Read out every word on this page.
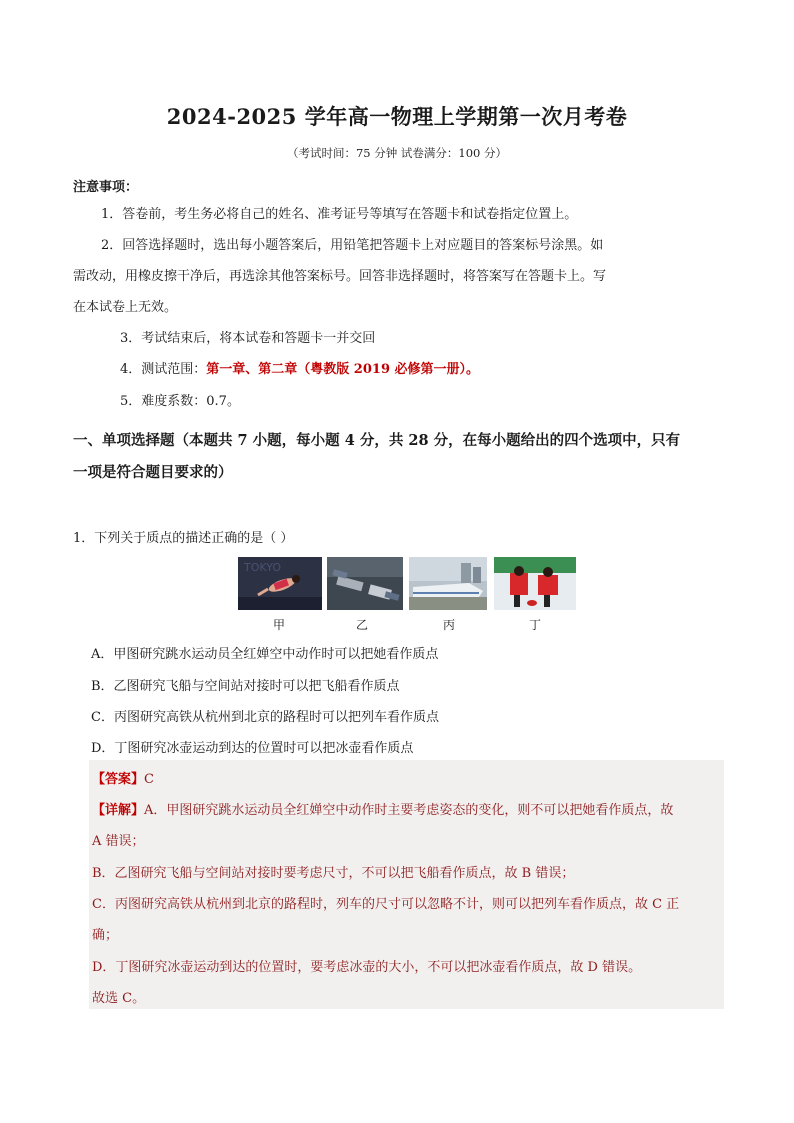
2024-2025 学年高一物理上学期第一次月考卷
（考试时间：75 分钟 试卷满分：100 分）
注意事项：
1．答卷前，考生务必将自己的姓名、准考证号等填写在答题卡和试卷指定位置上。
2．回答选择题时，选出每小题答案后，用铅笔把答题卡上对应题目的答案标号涂黑。如
需改动，用橡皮擦干净后，再选涂其他答案标号。回答非选择题时，将答案写在答题卡上。写
在本试卷上无效。
3．考试结束后，将本试卷和答题卡一并交回
4．测试范围：第一章、第二章（粤教版 2019 必修第一册）。
5．难度系数：0.7。
一、单项选择题（本题共 7 小题，每小题 4 分，共 28 分，在每小题给出的四个选项中，只有
一项是符合题目要求的）
1．下列关于质点的描述正确的是（ ）
TOKYO
甲	乙	丙	丁
A．甲图研究跳水运动员全红婵空中动作时可以把她看作质点
B．乙图研究飞船与空间站对接时可以把飞船看作质点
C．丙图研究高铁从杭州到北京的路程时可以把列车看作质点
D．丁图研究冰壶运动到达的位置时可以把冰壶看作质点
【答案】C
【详解】A．甲图研究跳水运动员全红婵空中动作时主要考虑姿态的变化，则不可以把她看作质点，故
A 错误；
B．乙图研究飞船与空间站对接时要考虑尺寸，不可以把飞船看作质点，故 B 错误；
C．丙图研究高铁从杭州到北京的路程时，列车的尺寸可以忽略不计，则可以把列车看作质点，故 C 正
确；
D．丁图研究冰壶运动到达的位置时，要考虑冰壶的大小，不可以把冰壶看作质点，故 D 错误。
故选 C。
